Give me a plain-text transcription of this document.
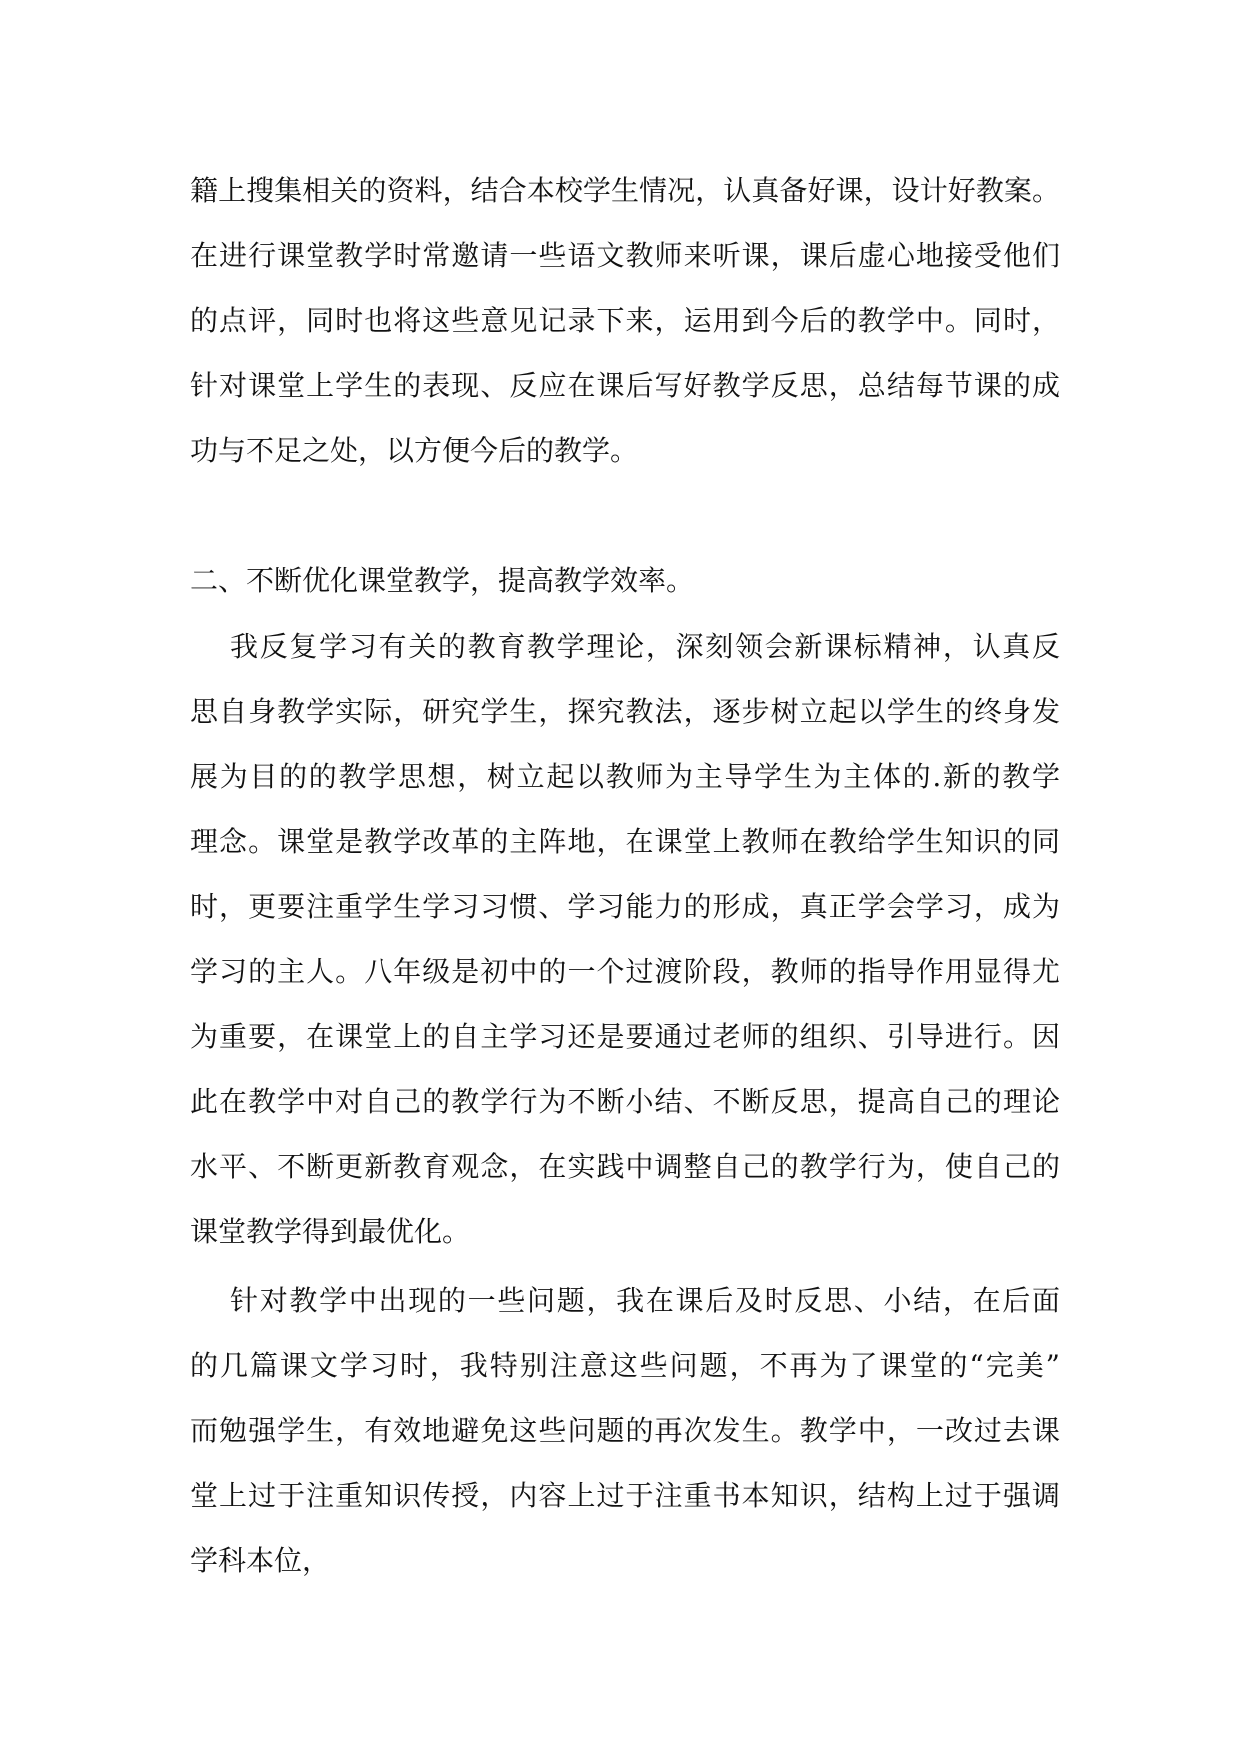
籍上搜集相关的资料，结合本校学生情况，认真备好课，设计好教案。
在进行课堂教学时常邀请一些语文教师来听课，课后虚心地接受他们
的点评，同时也将这些意见记录下来，运用到今后的教学中。同时，
针对课堂上学生的表现、反应在课后写好教学反思，总结每节课的成
功与不足之处，以方便今后的教学。
二、不断优化课堂教学，提高教学效率。
我反复学习有关的教育教学理论，深刻领会新课标精神，认真反
思自身教学实际，研究学生，探究教法，逐步树立起以学生的终身发
展为目的的教学思想，树立起以教师为主导学生为主体的.新的教学
理念。课堂是教学改革的主阵地，在课堂上教师在教给学生知识的同
时，更要注重学生学习习惯、学习能力的形成，真正学会学习，成为
学习的主人。八年级是初中的一个过渡阶段，教师的指导作用显得尤
为重要，在课堂上的自主学习还是要通过老师的组织、引导进行。因
此在教学中对自己的教学行为不断小结、不断反思，提高自己的理论
水平、不断更新教育观念，在实践中调整自己的教学行为，使自己的
课堂教学得到最优化。
针对教学中出现的一些问题，我在课后及时反思、小结，在后面
的几篇课文学习时，我特别注意这些问题，不再为了课堂的“完美”
而勉强学生，有效地避免这些问题的再次发生。教学中，一改过去课
堂上过于注重知识传授，内容上过于注重书本知识，结构上过于强调
学科本位，
